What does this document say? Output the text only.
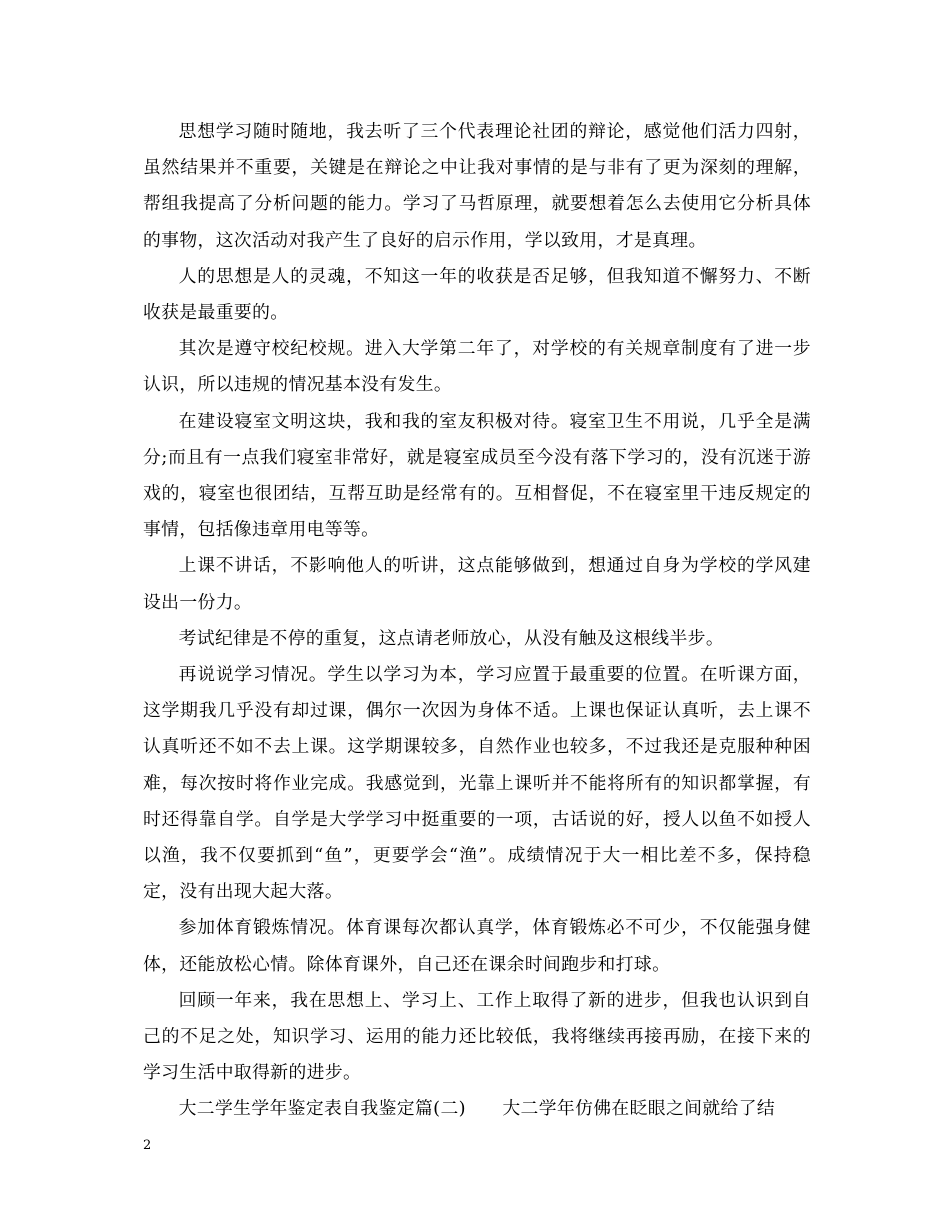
思想学习随时随地，我去听了三个代表理论社团的辩论，感觉他们活力四射，虽然结果并不重要，关键是在辩论之中让我对事情的是与非有了更为深刻的理解，帮组我提高了分析问题的能力。学习了马哲原理，就要想着怎么去使用它分析具体的事物，这次活动对我产生了良好的启示作用，学以致用，才是真理。

人的思想是人的灵魂，不知这一年的收获是否足够，但我知道不懈努力、不断收获是最重要的。

其次是遵守校纪校规。进入大学第二年了，对学校的有关规章制度有了进一步认识，所以违规的情况基本没有发生。

在建设寝室文明这块，我和我的室友积极对待。寝室卫生不用说，几乎全是满分;而且有一点我们寝室非常好，就是寝室成员至今没有落下学习的，没有沉迷于游戏的，寝室也很团结，互帮互助是经常有的。互相督促，不在寝室里干违反规定的事情，包括像违章用电等等。

上课不讲话，不影响他人的听讲，这点能够做到，想通过自身为学校的学风建设出一份力。

考试纪律是不停的重复，这点请老师放心，从没有触及这根线半步。

再说说学习情况。学生以学习为本，学习应置于最重要的位置。在听课方面，这学期我几乎没有却过课，偶尔一次因为身体不适。上课也保证认真听，去上课不认真听还不如不去上课。这学期课较多，自然作业也较多，不过我还是克服种种困难，每次按时将作业完成。我感觉到，光靠上课听并不能将所有的知识都掌握，有时还得靠自学。自学是大学学习中挺重要的一项，古话说的好，授人以鱼不如授人以渔，我不仅要抓到“鱼”，更要学会“渔”。成绩情况于大一相比差不多，保持稳定，没有出现大起大落。

参加体育锻炼情况。体育课每次都认真学，体育锻炼必不可少，不仅能强身健体，还能放松心情。除体育课外，自己还在课余时间跑步和打球。

回顾一年来，我在思想上、学习上、工作上取得了新的进步，但我也认识到自己的不足之处，知识学习、运用的能力还比较低，我将继续再接再励，在接下来的学习生活中取得新的进步。

大二学生学年鉴定表自我鉴定篇(二)　　大二学年仿佛在眨眼之间就给了结

2
